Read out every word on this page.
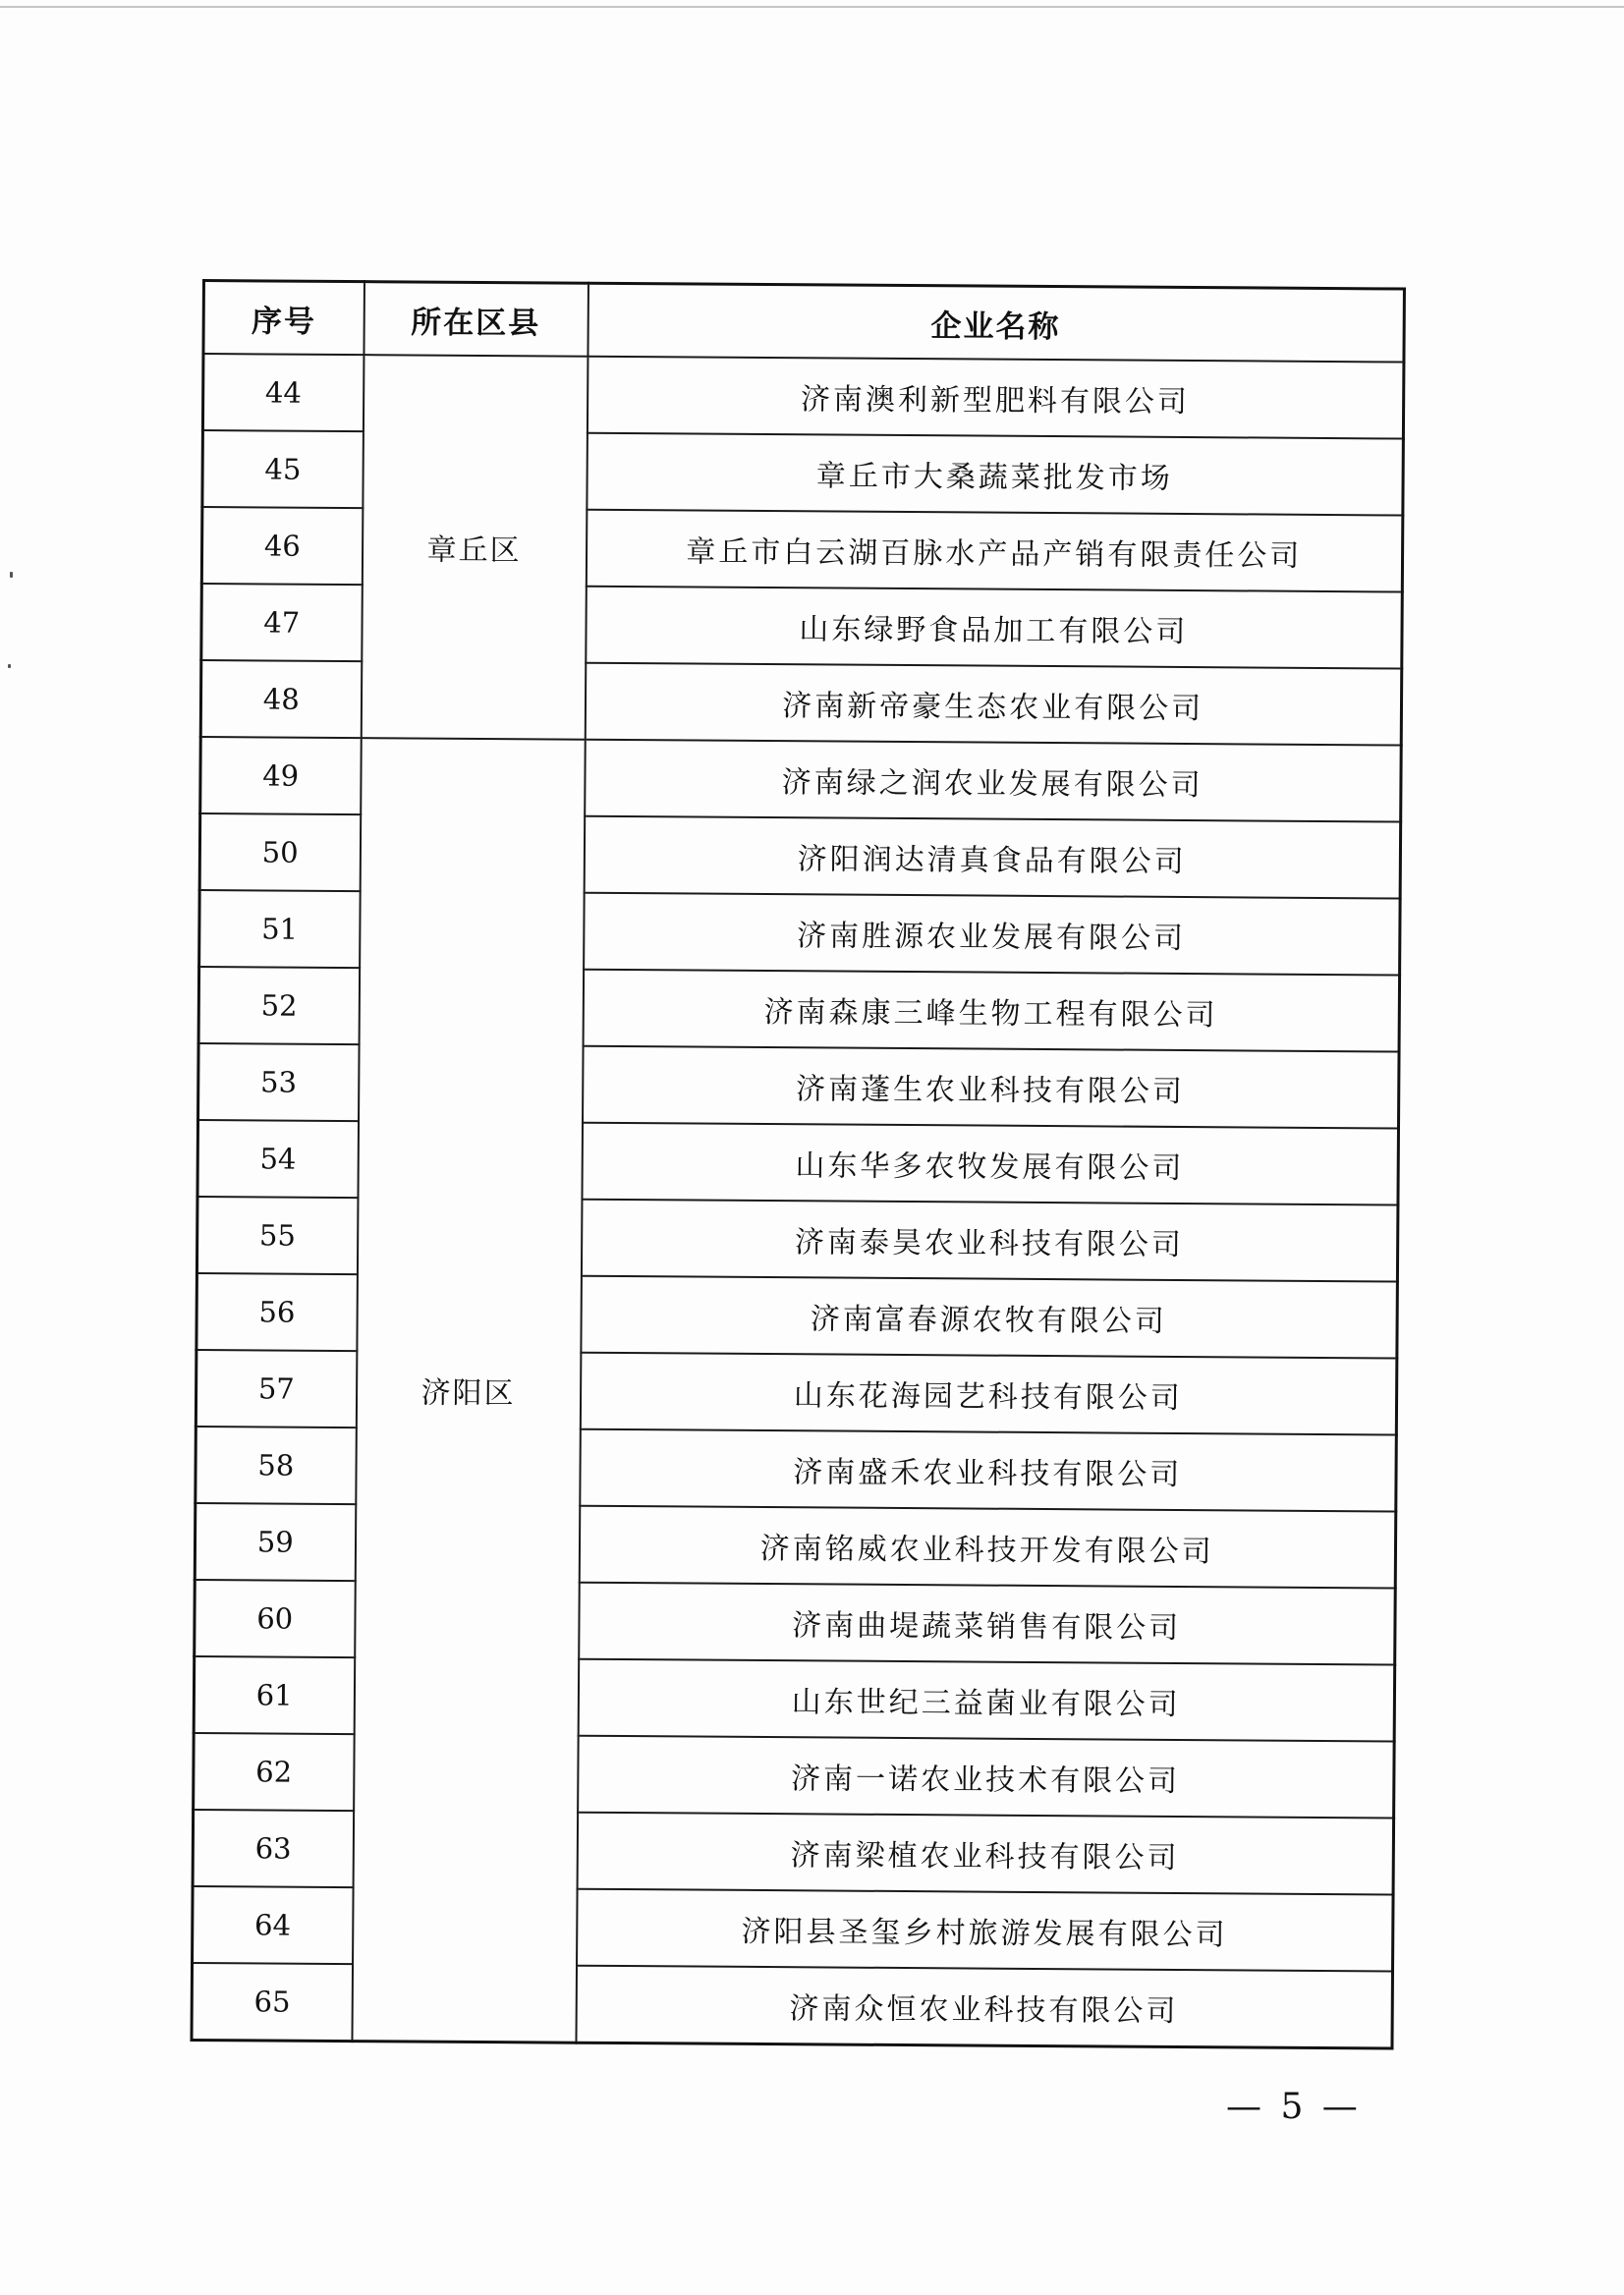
序号	所在区县	企业名称
44	章丘区	济南澳利新型肥料有限公司
45		章丘市大桑蔬菜批发市场
46		章丘市白云湖百脉水产品产销有限责任公司
47		山东绿野食品加工有限公司
48		济南新帝豪生态农业有限公司
49	济阳区	济南绿之润农业发展有限公司
50		济阳润达清真食品有限公司
51		济南胜源农业发展有限公司
52		济南森康三峰生物工程有限公司
53		济南蓬生农业科技有限公司
54		山东华多农牧发展有限公司
55		济南泰昊农业科技有限公司
56		济南富春源农牧有限公司
57		山东花海园艺科技有限公司
58		济南盛禾农业科技有限公司
59		济南铭威农业科技开发有限公司
60		济南曲堤蔬菜销售有限公司
61		山东世纪三益菌业有限公司
62		济南一诺农业技术有限公司
63		济南梁植农业科技有限公司
64		济阳县圣玺乡村旅游发展有限公司
65		济南众恒农业科技有限公司
— 5 —
